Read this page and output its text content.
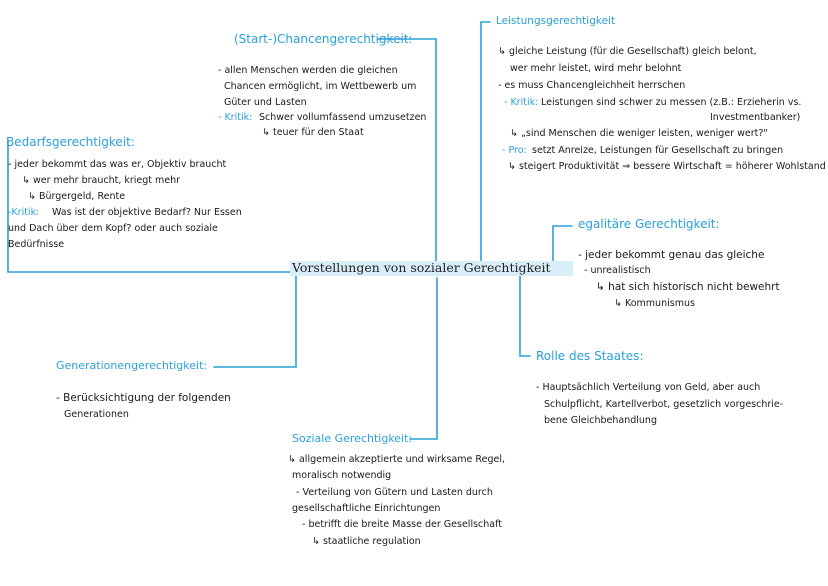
Vorstellungen von sozialer Gerechtigkeit
(Start-)Chancengerechtigkeit:
- allen Menschen werden die gleichen
Chancen ermöglicht, im Wettbewerb um
Güter und Lasten
- Kritik: Schwer vollumfassend umzusetzen
↳ teuer für den Staat
Leistungsgerechtigkeit
↳ gleiche Leistung (für die Gesellschaft) gleich belont,
wer mehr leistet, wird mehr belohnt
- es muss Chancengleichheit herrschen
- Kritik: Leistungen sind schwer zu messen (z.B.: Erzieherin vs.
Investmentbanker)
↳ „sind Menschen die weniger leisten, weniger wert?"
- Pro: setzt Anreize, Leistungen für Gesellschaft zu bringen
↳ steigert Produktivität ⇒ bessere Wirtschaft = höherer Wohlstand
Bedarfsgerechtigkeit:
- jeder bekommt das was er, Objektiv braucht
↳ wer mehr braucht, kriegt mehr
↳ Bürgergeld, Rente
-Kritik: Was ist der objektive Bedarf? Nur Essen
und Dach über dem Kopf? oder auch soziale
Bedürfnisse
egalitäre Gerechtigkeit:
- jeder bekommt genau das gleiche
- unrealistisch
↳ hat sich historisch nicht bewehrt
↳ Kommunismus
Rolle des Staates:
- Hauptsächlich Verteilung von Geld, aber auch
Schulpflicht, Kartellverbot, gesetzlich vorgeschrie-
bene Gleichbehandlung
Generationengerechtigkeit:
- Berücksichtigung der folgenden
Generationen
Soziale Gerechtigkeit:
↳ allgemein akzeptierte und wirksame Regel,
moralisch notwendig
- Verteilung von Gütern und Lasten durch
gesellschaftliche Einrichtungen
- betrifft die breite Masse der Gesellschaft
↳ staatliche regulation
